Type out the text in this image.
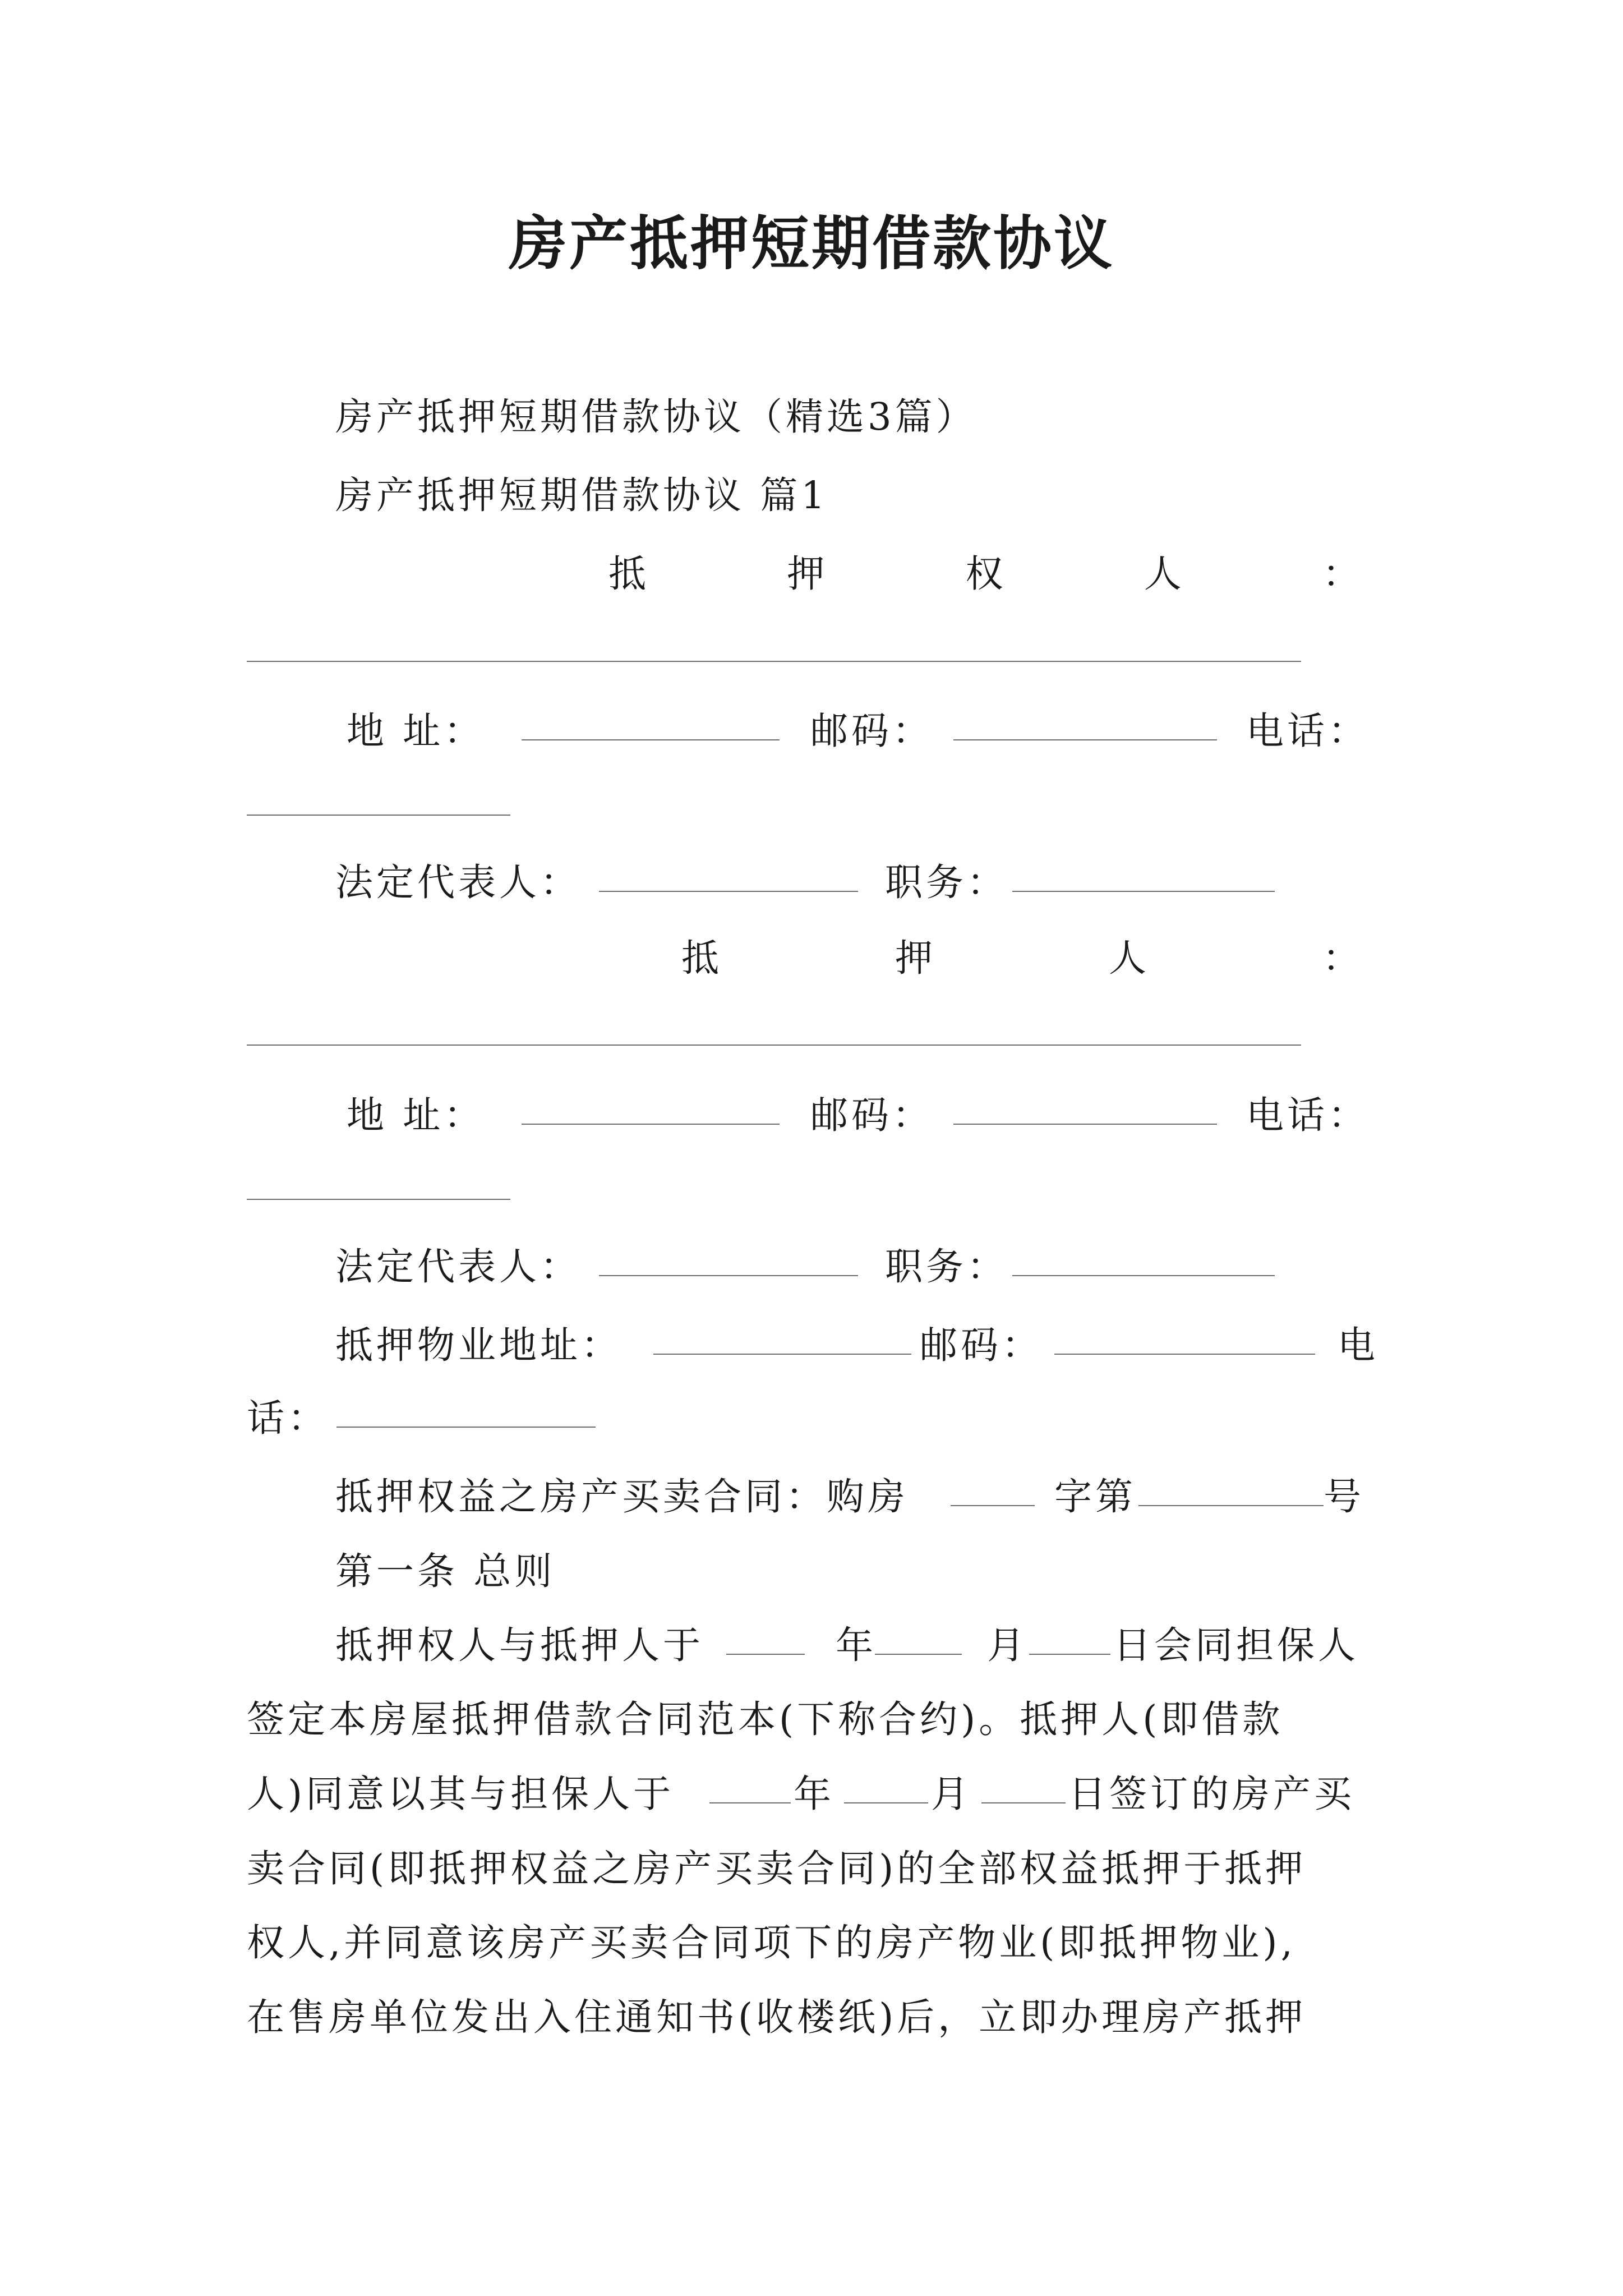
房产抵押短期借款协议
房产抵押短期借款协议（精选3篇）
房产抵押短期借款协议 篇1
抵	押	权	人	：
地 址：	邮码：	电话：
法定代表人：	职务：
抵	押	人	：
地 址：	邮码：	电话：
法定代表人：	职务：
抵押物业地址：	邮码：	电
话：
抵押权益之房产买卖合同：购房	字第	号
第一条 总则
抵押权人与抵押人于	年	月 日会同担保人
签定本房屋抵押借款合同范本(下称合约)。抵押人(即借款
人)同意以其与担保人于	年	月	日签订的房产买
卖合同(即抵押权益之房产买卖合同)的全部权益抵押于抵押
权人,并同意该房产买卖合同项下的房产物业(即抵押物业),
在售房单位发出入住通知书(收楼纸)后，立即办理房产抵押
